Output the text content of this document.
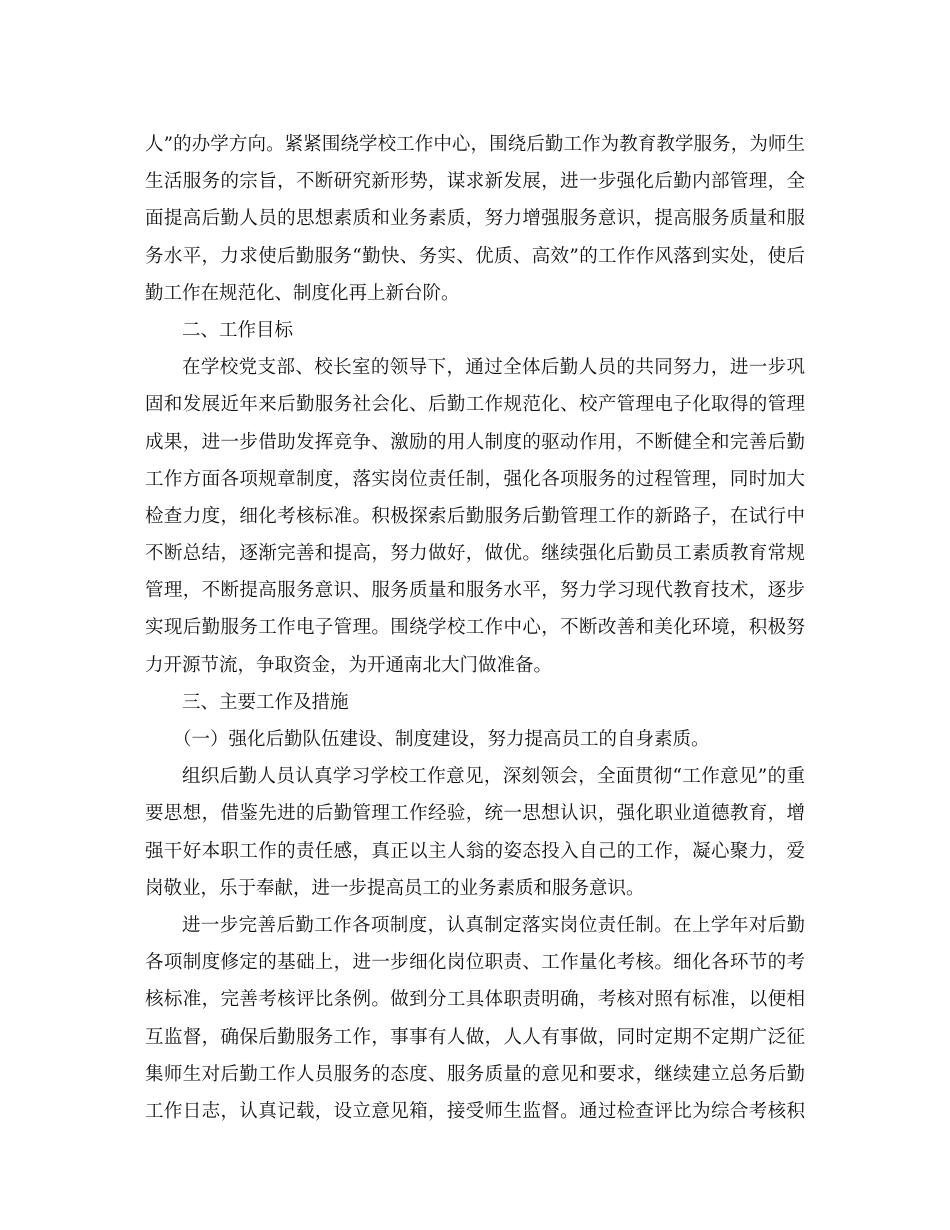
人”的办学方向。紧紧围绕学校工作中心，围绕后勤工作为教育教学服务，为师生
生活服务的宗旨，不断研究新形势，谋求新发展，进一步强化后勤内部管理，全
面提高后勤人员的思想素质和业务素质，努力增强服务意识，提高服务质量和服
务水平，力求使后勤服务“勤快、务实、优质、高效”的工作作风落到实处，使后
勤工作在规范化、制度化再上新台阶。
二、工作目标
在学校党支部、校长室的领导下，通过全体后勤人员的共同努力，进一步巩
固和发展近年来后勤服务社会化、后勤工作规范化、校产管理电子化取得的管理
成果，进一步借助发挥竞争、激励的用人制度的驱动作用，不断健全和完善后勤
工作方面各项规章制度，落实岗位责任制，强化各项服务的过程管理，同时加大
检查力度，细化考核标准。积极探索后勤服务后勤管理工作的新路子，在试行中
不断总结，逐渐完善和提高，努力做好，做优。继续强化后勤员工素质教育常规
管理，不断提高服务意识、服务质量和服务水平，努力学习现代教育技术，逐步
实现后勤服务工作电子管理。围绕学校工作中心，不断改善和美化环境，积极努
力开源节流，争取资金，为开通南北大门做准备。
三、主要工作及措施
（一）强化后勤队伍建设、制度建设，努力提高员工的自身素质。
组织后勤人员认真学习学校工作意见，深刻领会，全面贯彻“工作意见”的重
要思想，借鉴先进的后勤管理工作经验，统一思想认识，强化职业道德教育，增
强干好本职工作的责任感，真正以主人翁的姿态投入自己的工作，凝心聚力，爱
岗敬业，乐于奉献，进一步提高员工的业务素质和服务意识。
进一步完善后勤工作各项制度，认真制定落实岗位责任制。在上学年对后勤
各项制度修定的基础上，进一步细化岗位职责、工作量化考核。细化各环节的考
核标准，完善考核评比条例。做到分工具体职责明确，考核对照有标准，以便相
互监督，确保后勤服务工作，事事有人做，人人有事做，同时定期不定期广泛征
集师生对后勤工作人员服务的态度、服务质量的意见和要求，继续建立总务后勤
工作日志，认真记载，设立意见箱，接受师生监督。通过检查评比为综合考核积
